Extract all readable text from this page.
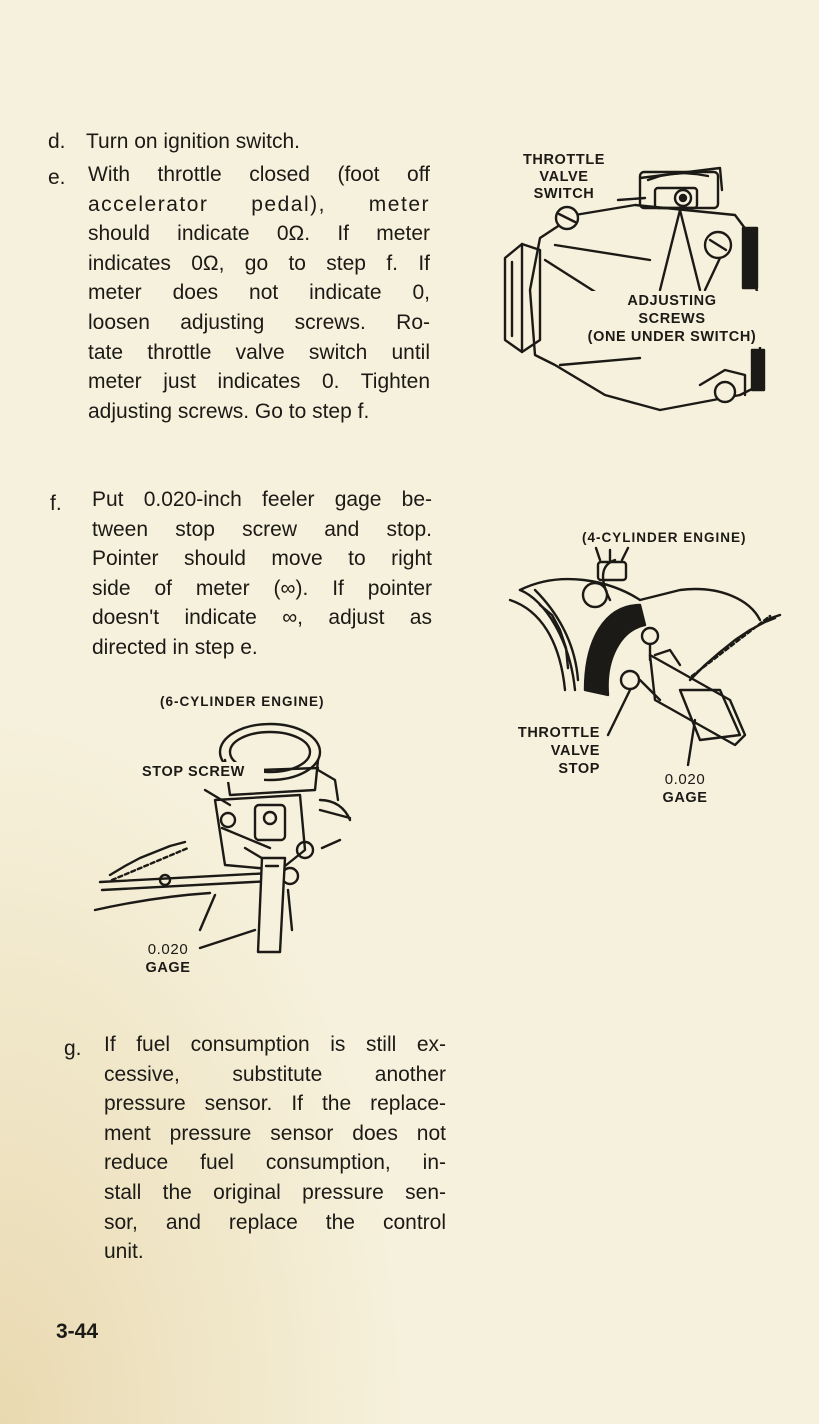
d. Turn on ignition switch.
e. With throttle closed (foot off
accelerator pedal), meter
should indicate 0Ω. If meter
indicates 0Ω, go to step f. If
meter does not indicate 0,
loosen adjusting screws. Ro-
tate throttle valve switch until
meter just indicates 0. Tighten
adjusting screws. Go to step f.
f. Put 0.020-inch feeler gage be-
tween stop screw and stop.
Pointer should move to right
side of meter (∞). If pointer
doesn't indicate ∞, adjust as
directed in step e.
g. If fuel consumption is still ex-
cessive, substitute another
pressure sensor. If the replace-
ment pressure sensor does not
reduce fuel consumption, in-
stall the original pressure sen-
sor, and replace the control
unit.
THROTTLE
VALVE
SWITCH
ADJUSTING
SCREWS
(ONE UNDER SWITCH)
(4-CYLINDER ENGINE)
THROTTLE
VALVE
STOP
0.020
GAGE
(6-CYLINDER ENGINE)
STOP SCREW
0.020
GAGE
3-44
